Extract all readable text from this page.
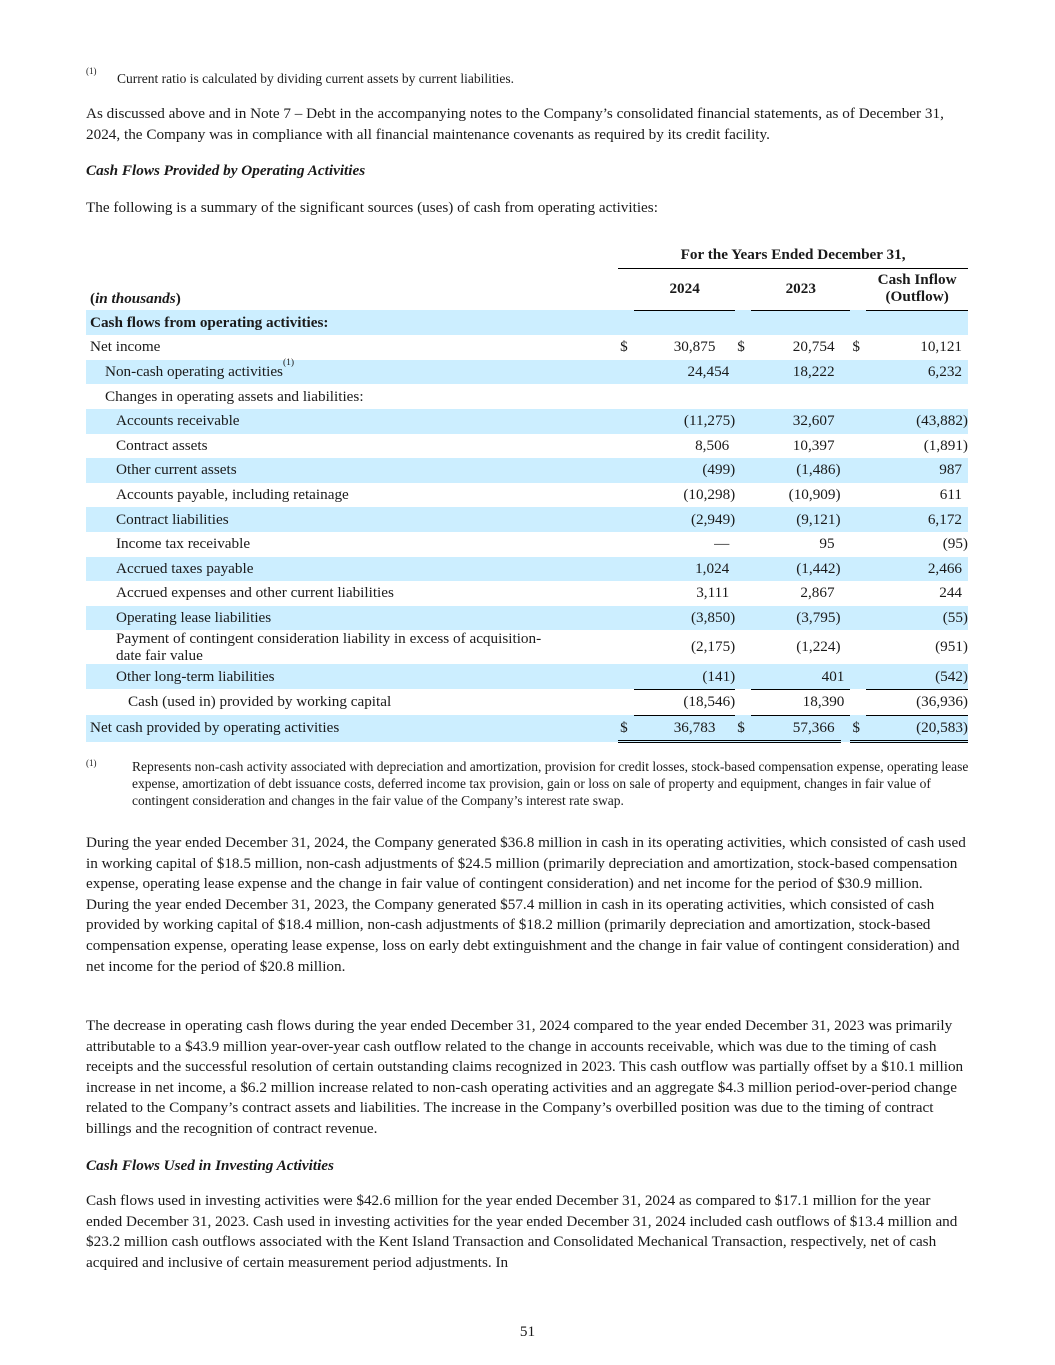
$^{(1)}$ Current ratio is calculated by dividing current assets by current liabilities.
As discussed above and in Note 7 – Debt in the accompanying notes to the Company’s consolidated financial statements, as of December 31, 2024, the Company was in compliance with all financial maintenance covenants as required by its credit facility.
Cash Flows Provided by Operating Activities
The following is a summary of the significant sources (uses) of cash from operating activities:
	For the Years Ended December 31,							
(in thousands)		2024			2023			Cash Inflow
(Outflow)
Cash flows from operating activities:								
Net income	$	30,875		$	20,754		$	10,121
Non-cash operating activities$^{(1)}$		24,454			18,222			6,232
Changes in operating assets and liabilities:								
Accounts receivable		(11,275)			32,607			(43,882)
Contract assets		8,506			10,397			(1,891)
Other current assets		(499)			(1,486)			987
Accounts payable, including retainage		(10,298)			(10,909)			611
Contract liabilities		(2,949)			(9,121)			6,172
Income tax receivable		—			95			(95)
Accrued taxes payable		1,024			(1,442)			2,466
Accrued expenses and other current liabilities		3,111			2,867			244
Operating lease liabilities		(3,850)			(3,795)			(55)
Payment of contingent consideration liability in excess of acquisition-
date fair value		(2,175)			(1,224)			(951)
Other long-term liabilities		(141)			401			(542)
Cash (used in) provided by working capital		(18,546)			18,390			(36,936)
Net cash provided by operating activities	$	36,783		$	57,366		$	(20,583)
(1)	Represents non-cash activity associated with depreciation and amortization, provision for credit losses, stock-based compensation expense, operating lease expense, amortization of debt issuance costs, deferred income tax provision, gain or loss on sale of property and equipment, changes in fair value of contingent consideration and changes in the fair value of the Company’s interest rate swap.
During the year ended December 31, 2024, the Company generated $36.8 million in cash in its operating activities, which consisted of cash used in working capital of $18.5 million, non-cash adjustments of $24.5 million (primarily depreciation and amortization, stock-based compensation expense, operating lease expense and the change in fair value of contingent consideration) and net income for the period of $30.9 million. During the year ended December 31, 2023, the Company generated $57.4 million in cash in its operating activities, which consisted of cash provided by working capital of $18.4 million, non-cash adjustments of $18.2 million (primarily depreciation and amortization, stock-based compensation expense, operating lease expense, loss on early debt extinguishment and the change in fair value of contingent consideration) and net income for the period of $20.8 million.
The decrease in operating cash flows during the year ended December 31, 2024 compared to the year ended December 31, 2023 was primarily attributable to a $43.9 million year-over-year cash outflow related to the change in accounts receivable, which was due to the timing of cash receipts and the successful resolution of certain outstanding claims recognized in 2023. This cash outflow was partially offset by a $10.1 million increase in net income, a $6.2 million increase related to non-cash operating activities and an aggregate $4.3 million period-over-period change related to the Company’s contract assets and liabilities. The increase in the Company’s overbilled position was due to the timing of contract billings and the recognition of contract revenue.
Cash Flows Used in Investing Activities
Cash flows used in investing activities were $42.6 million for the year ended December 31, 2024 as compared to $17.1 million for the year ended December 31, 2023. Cash used in investing activities for the year ended December 31, 2024 included cash outflows of $13.4 million and $23.2 million cash outflows associated with the Kent Island Transaction and Consolidated Mechanical Transaction, respectively, net of cash acquired and inclusive of certain measurement period adjustments. In
51
